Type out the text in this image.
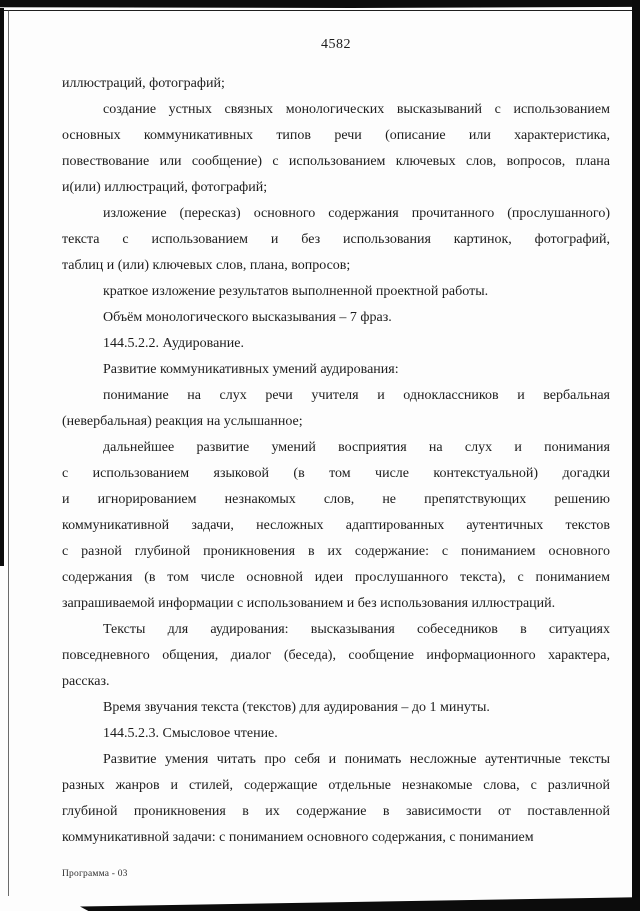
4582
иллюстраций, фотографий;
создание устных связных монологических высказываний с использованием
основных коммуникативных типов речи (описание или характеристика,
повествование или сообщение) с использованием ключевых слов, вопросов, плана
и(или) иллюстраций, фотографий;
изложение (пересказ) основного содержания прочитанного (прослушанного)
текста с использованием и без использования картинок, фотографий,
таблиц и (или) ключевых слов, плана, вопросов;
краткое изложение результатов выполненной проектной работы.
Объём монологического высказывания – 7 фраз.
144.5.2.2. Аудирование.
Развитие коммуникативных умений аудирования:
понимание на слух речи учителя и одноклассников и вербальная
(невербальная) реакция на услышанное;
дальнейшее развитие умений восприятия на слух и понимания
с использованием языковой (в том числе контекстуальной) догадки
и игнорированием незнакомых слов, не препятствующих решению
коммуникативной задачи, несложных адаптированных аутентичных текстов
с разной глубиной проникновения в их содержание: с пониманием основного
содержания (в том числе основной идеи прослушанного текста), с пониманием
запрашиваемой информации с использованием и без использования иллюстраций.
Тексты для аудирования: высказывания собеседников в ситуациях
повседневного общения, диалог (беседа), сообщение информационного характера,
рассказ.
Время звучания текста (текстов) для аудирования – до 1 минуты.
144.5.2.3. Смысловое чтение.
Развитие умения читать про себя и понимать несложные аутентичные тексты
разных жанров и стилей, содержащие отдельные незнакомые слова, с различной
глубиной проникновения в их содержание в зависимости от поставленной
коммуникативной задачи: с пониманием основного содержания, с пониманием
Программа - 03
